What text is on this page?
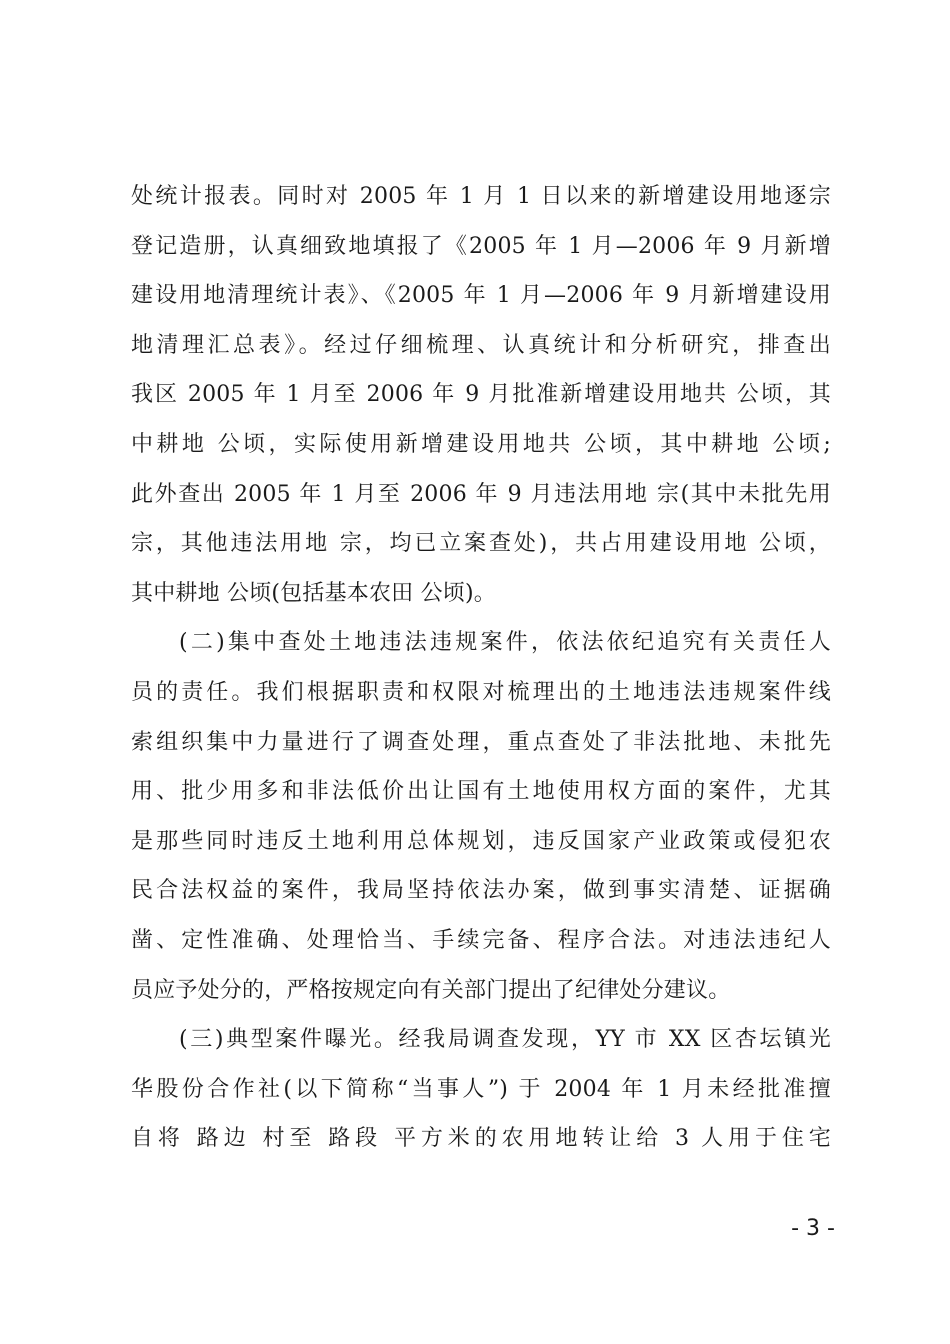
处统计报表。同时对 2005 年 1 月 1 日以来的新增建设用地逐宗
登记造册，认真细致地填报了《2005 年 1 月—2006 年 9 月新增
建设用地清理统计表》、《2005 年 1 月—2006 年 9 月新增建设用
地清理汇总表》。经过仔细梳理、认真统计和分析研究，排查出
我区 2005 年 1 月至 2006 年 9 月批准新增建设用地共 公顷，其
中耕地 公顷，实际使用新增建设用地共 公顷，其中耕地 公顷;
此外查出 2005 年 1 月至 2006 年 9 月违法用地 宗(其中未批先用
宗，其他违法用地 宗，均已立案查处)，共占用建设用地 公顷，
其中耕地 公顷(包括基本农田 公顷)。
(二)集中查处土地违法违规案件，依法依纪追究有关责任人
员的责任。我们根据职责和权限对梳理出的土地违法违规案件线
索组织集中力量进行了调查处理，重点查处了非法批地、未批先
用、批少用多和非法低价出让国有土地使用权方面的案件，尤其
是那些同时违反土地利用总体规划，违反国家产业政策或侵犯农
民合法权益的案件，我局坚持依法办案，做到事实清楚、证据确
凿、定性准确、处理恰当、手续完备、程序合法。对违法违纪人
员应予处分的，严格按规定向有关部门提出了纪律处分建议。
(三)典型案件曝光。经我局调查发现，YY 市 XX 区杏坛镇光
华股份合作社(以下简称“当事人”) 于 2004 年 1 月未经批准擅
自将 路边 村至 路段 平方米的农用地转让给 3 人用于住宅
- 3 -
